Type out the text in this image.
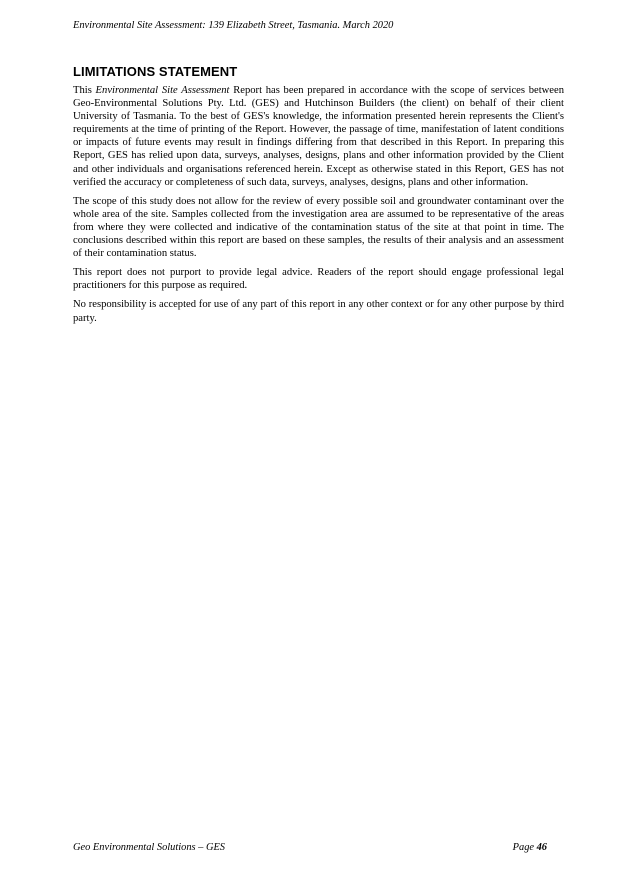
Environmental Site Assessment: 139 Elizabeth Street, Tasmania. March 2020
LIMITATIONS STATEMENT

This Environmental Site Assessment Report has been prepared in accordance with the scope of services between Geo-Environmental Solutions Pty. Ltd. (GES) and Hutchinson Builders (the client) on behalf of their client University of Tasmania. To the best of GES's knowledge, the information presented herein represents the Client's requirements at the time of printing of the Report. However, the passage of time, manifestation of latent conditions or impacts of future events may result in findings differing from that described in this Report. In preparing this Report, GES has relied upon data, surveys, analyses, designs, plans and other information provided by the Client and other individuals and organisations referenced herein. Except as otherwise stated in this Report, GES has not verified the accuracy or completeness of such data, surveys, analyses, designs, plans and other information.

The scope of this study does not allow for the review of every possible soil and groundwater contaminant over the whole area of the site. Samples collected from the investigation area are assumed to be representative of the areas from where they were collected and indicative of the contamination status of the site at that point in time. The conclusions described within this report are based on these samples, the results of their analysis and an assessment of their contamination status.

This report does not purport to provide legal advice. Readers of the report should engage professional legal practitioners for this purpose as required.

No responsibility is accepted for use of any part of this report in any other context or for any other purpose by third party.

Geo Environmental Solutions – GES	Page 46
